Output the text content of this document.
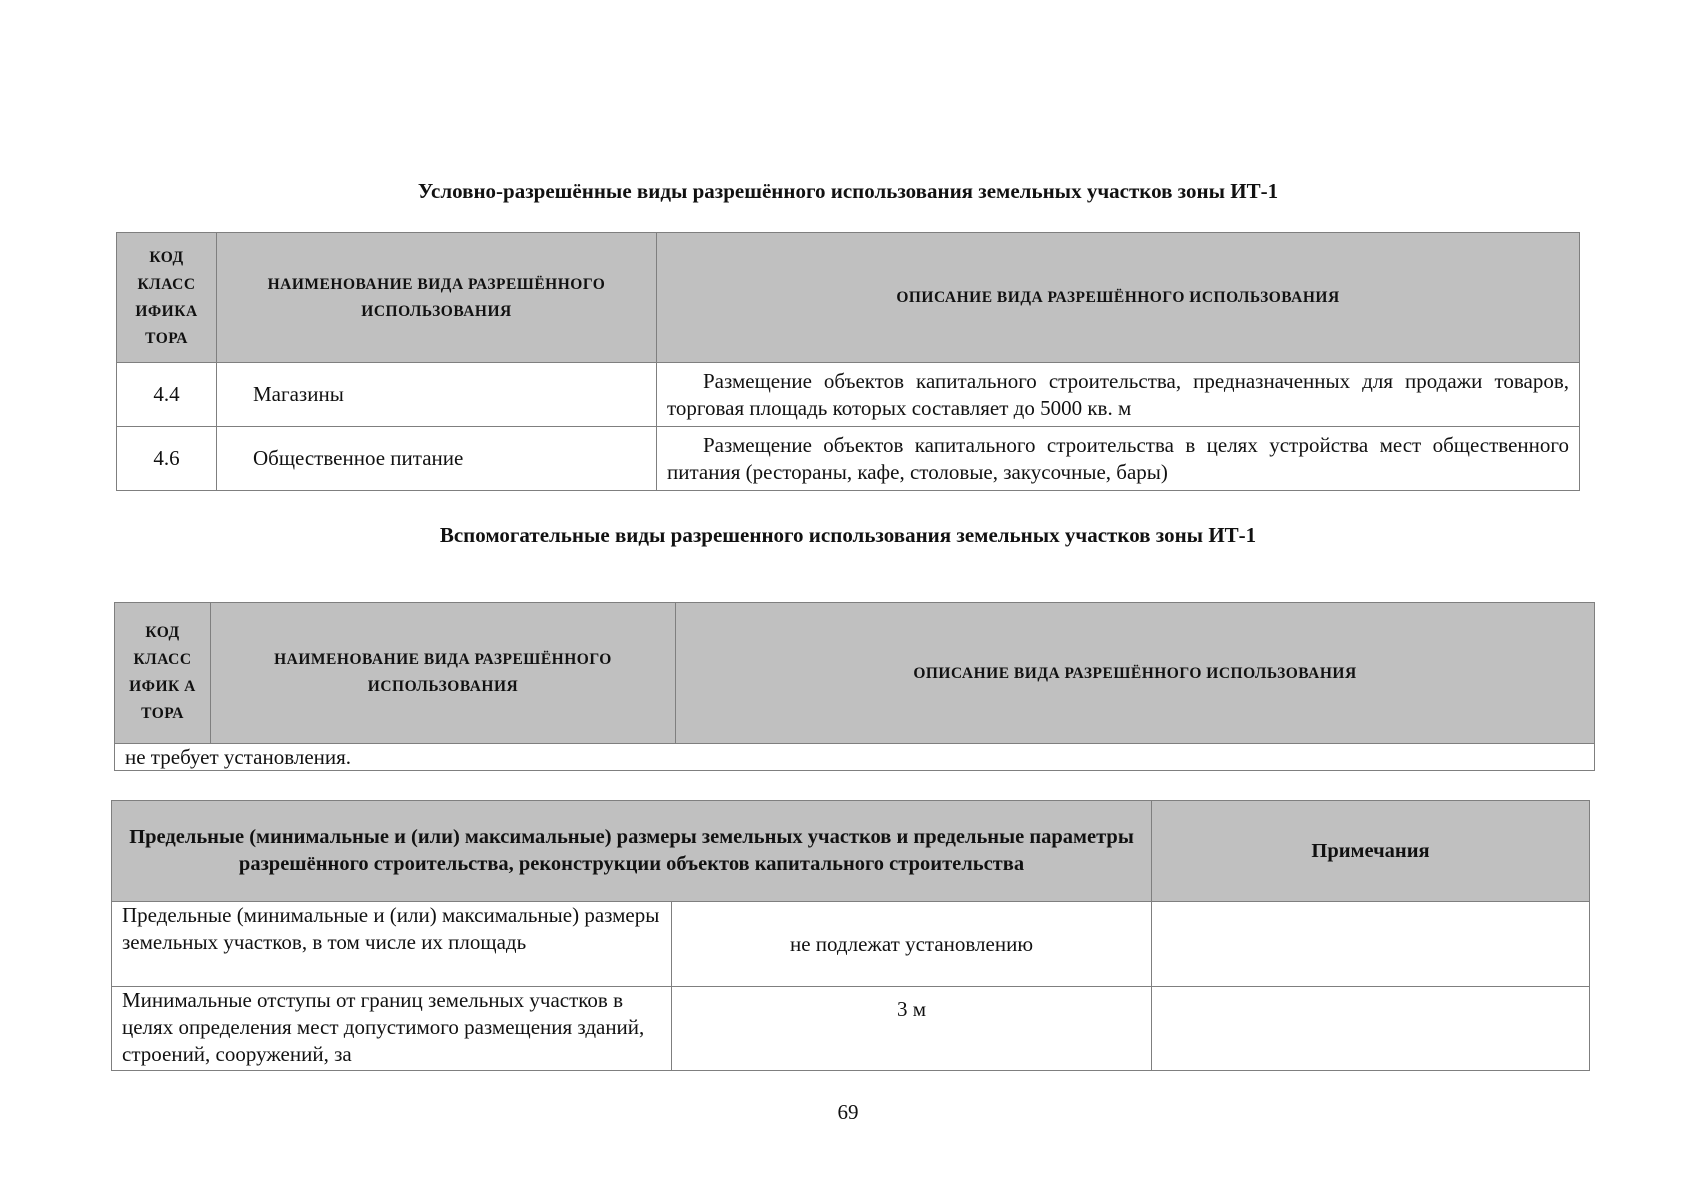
Условно-разрешённые виды разрешённого использования земельных участков зоны ИТ-1
КОД КЛАСС ИФИКА ТОРА	НАИМЕНОВАНИЕ ВИДА РАЗРЕШЁННОГО ИСПОЛЬЗОВАНИЯ	ОПИСАНИЕ ВИДА РАЗРЕШЁННОГО ИСПОЛЬЗОВАНИЯ
4.4	Магазины	Размещение объектов капитального строительства, предназначенных для продажи товаров, торговая площадь которых составляет до 5000 кв. м
4.6	Общественное питание	Размещение объектов капитального строительства в целях устройства мест общественного питания (рестораны, кафе, столовые, закусочные, бары)
Вспомогательные виды разрешенного использования земельных участков зоны ИТ-1
КОД КЛАСС ИФИК А ТОРА	НАИМЕНОВАНИЕ ВИДА РАЗРЕШЁННОГО ИСПОЛЬЗОВАНИЯ	ОПИСАНИЕ ВИДА РАЗРЕШЁННОГО ИСПОЛЬЗОВАНИЯ
не требует установления.
Предельные (минимальные и (или) максимальные) размеры земельных участков и предельные параметры разрешённого строительства, реконструкции объектов капитального строительства		Примечания
Предельные (минимальные и (или) максимальные) размеры земельных участков, в том числе их площадь	не подлежат установлению	
Минимальные отступы от границ земельных участков в целях определения мест допустимого размещения зданий, строений, сооружений, за	3 м	
69
